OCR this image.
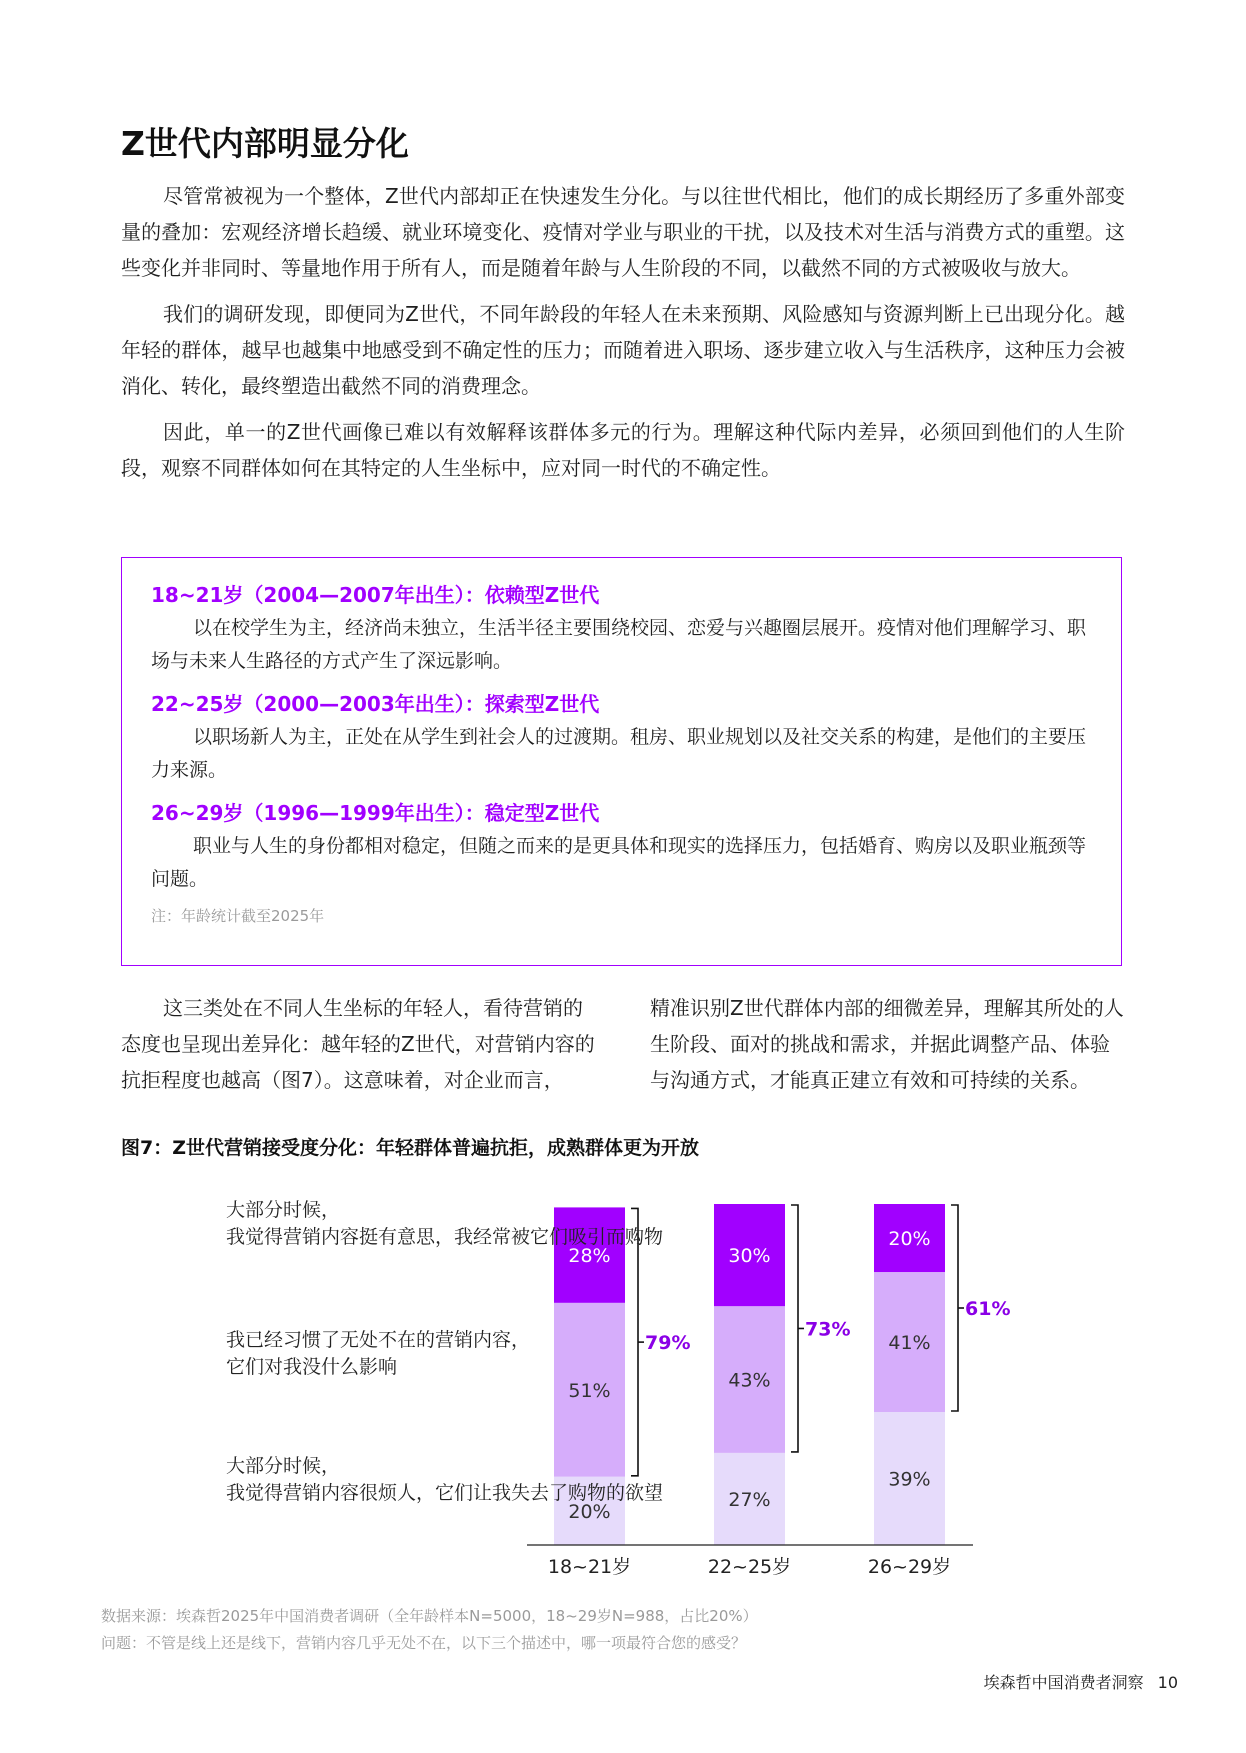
Z世代内部明显分化

尽管常被视为一个整体，Z世代内部却正在快速发生分化。与以往世代相比，他们的成长期经历了多重外部变量的叠加：宏观经济增长趋缓、就业环境变化、疫情对学业与职业的干扰，以及技术对生活与消费方式的重塑。这些变化并非同时、等量地作用于所有人，而是随着年龄与人生阶段的不同，以截然不同的方式被吸收与放大。

我们的调研发现，即便同为Z世代，不同年龄段的年轻人在未来预期、风险感知与资源判断上已出现分化。越年轻的群体，越早也越集中地感受到不确定性的压力；而随着进入职场、逐步建立收入与生活秩序，这种压力会被消化、转化，最终塑造出截然不同的消费理念。

因此，单一的Z世代画像已难以有效解释该群体多元的行为。理解这种代际内差异，必须回到他们的人生阶段，观察不同群体如何在其特定的人生坐标中，应对同一时代的不确定性。

18~21岁（2004—2007年出生）：依赖型Z世代
以在校学生为主，经济尚未独立，生活半径主要围绕校园、恋爱与兴趣圈层展开。疫情对他们理解学习、职场与未来人生路径的方式产生了深远影响。
22~25岁（2000—2003年出生）：探索型Z世代
以职场新人为主，正处在从学生到社会人的过渡期。租房、职业规划以及社交关系的构建，是他们的主要压力来源。
26~29岁（1996—1999年出生）：稳定型Z世代
职业与人生的身份都相对稳定，但随之而来的是更具体和现实的选择压力，包括婚育、购房以及职业瓶颈等问题。
注：年龄统计截至2025年

这三类处在不同人生坐标的年轻人，看待营销的态度也呈现出差异化：越年轻的Z世代，对营销内容的抗拒程度也越高（图7）。这意味着，对企业而言，

精准识别Z世代群体内部的细微差异，理解其所处的人生阶段、面对的挑战和需求，并据此调整产品、体验与沟通方式，才能真正建立有效和可持续的关系。

图7：Z世代营销接受度分化：年轻群体普遍抗拒，成熟群体更为开放
28%
51%
20%
79%
18~21岁
30%
43%
27%
73%
22~25岁
20%
41%
39%
61%
26~29岁
大部分时候，
我觉得营销内容挺有意思，我经常被它们吸引而购物
我已经习惯了无处不在的营销内容，
它们对我没什么影响
大部分时候，
我觉得营销内容很烦人，它们让我失去了购物的欲望
数据来源：埃森哲2025年中国消费者调研（全年龄样本N=5000，18~29岁N=988，占比20%）
问题：不管是线上还是线下，营销内容几乎无处不在，以下三个描述中，哪一项最符合您的感受？
埃森哲中国消费者洞察 10
